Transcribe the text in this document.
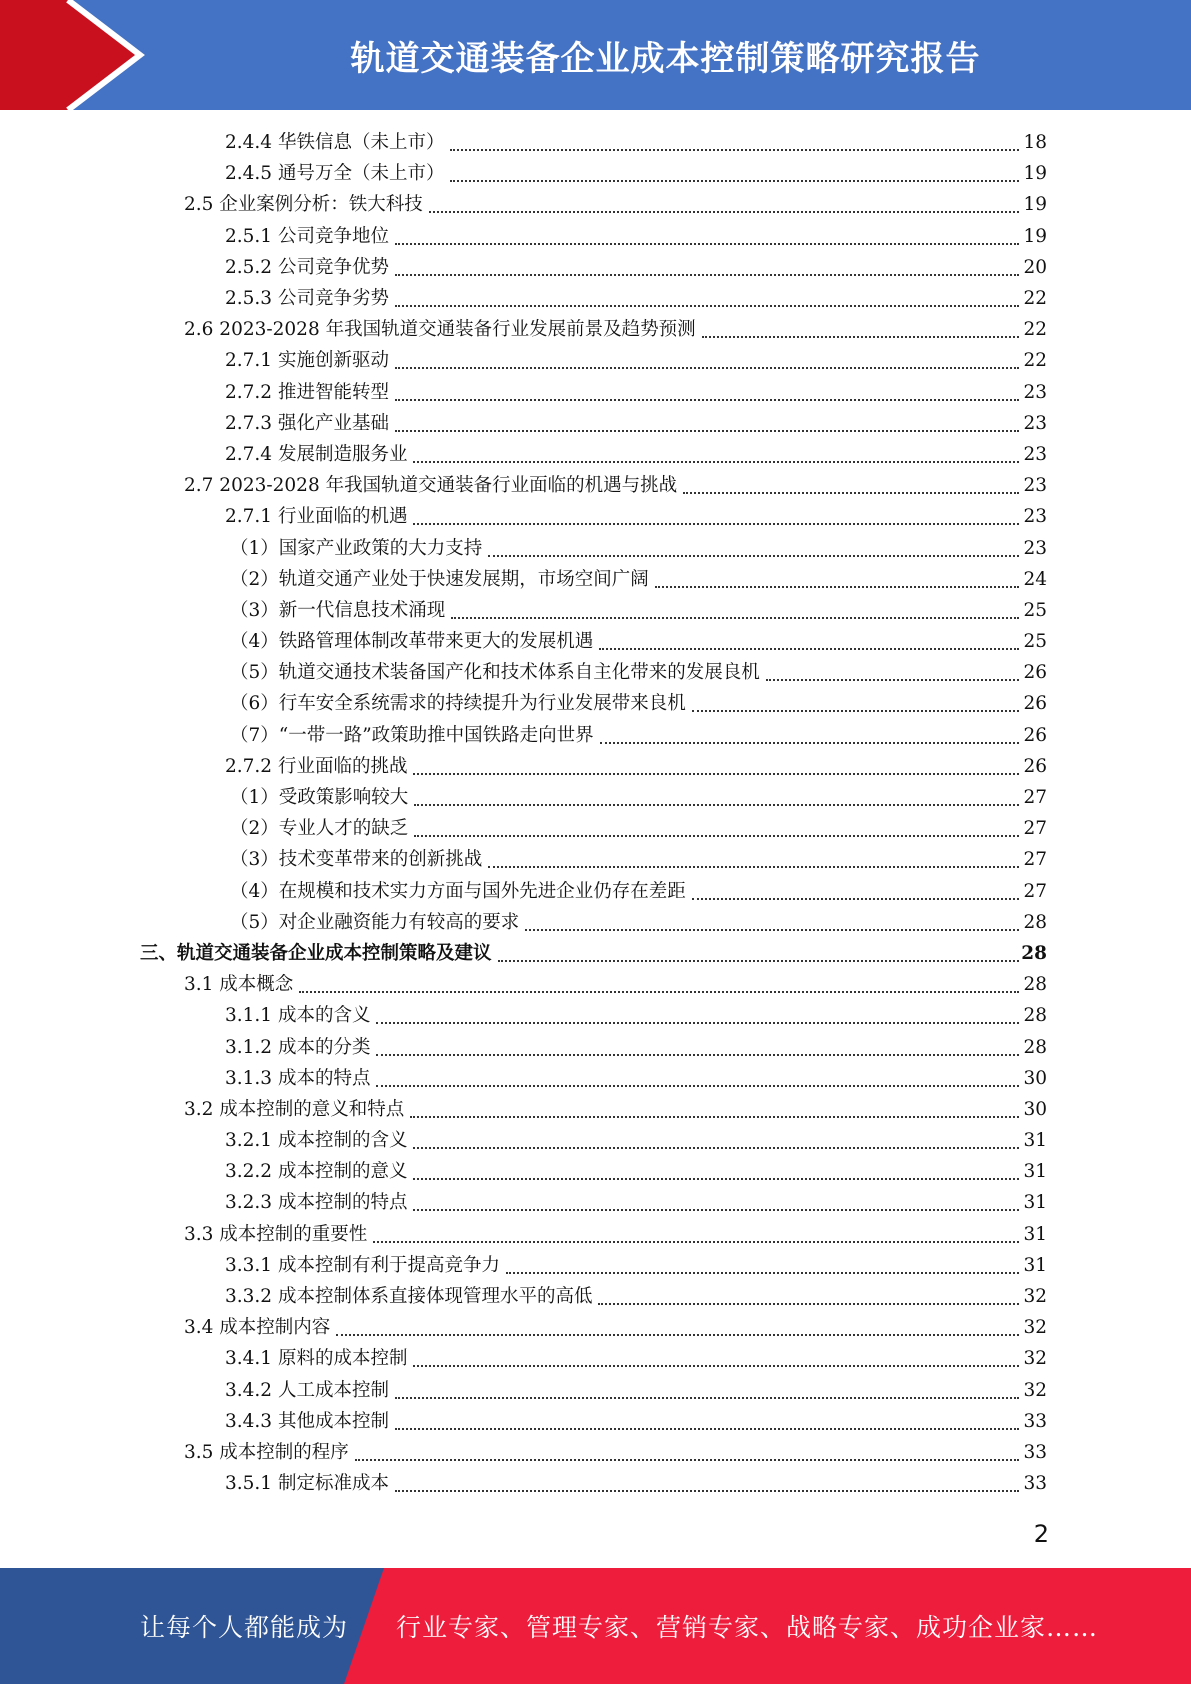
轨道交通装备企业成本控制策略研究报告
2.4.4 华铁信息（未上市）	18
2.4.5 通号万全（未上市）	19
2.5 企业案例分析：铁大科技	19
2.5.1 公司竞争地位	19
2.5.2 公司竞争优势	20
2.5.3 公司竞争劣势	22
2.6 2023-2028 年我国轨道交通装备行业发展前景及趋势预测	22
2.7.1 实施创新驱动	22
2.7.2 推进智能转型	23
2.7.3 强化产业基础	23
2.7.4 发展制造服务业	23
2.7 2023-2028 年我国轨道交通装备行业面临的机遇与挑战	23
2.7.1 行业面临的机遇	23
（1）国家产业政策的大力支持	23
（2）轨道交通产业处于快速发展期，市场空间广阔	24
（3）新一代信息技术涌现	25
（4）铁路管理体制改革带来更大的发展机遇	25
（5）轨道交通技术装备国产化和技术体系自主化带来的发展良机	26
（6）行车安全系统需求的持续提升为行业发展带来良机	26
（7）“一带一路”政策助推中国铁路走向世界	26
2.7.2 行业面临的挑战	26
（1）受政策影响较大	27
（2）专业人才的缺乏	27
（3）技术变革带来的创新挑战	27
（4）在规模和技术实力方面与国外先进企业仍存在差距	27
（5）对企业融资能力有较高的要求	28
三、轨道交通装备企业成本控制策略及建议	28
3.1 成本概念	28
3.1.1 成本的含义	28
3.1.2 成本的分类	28
3.1.3 成本的特点	30
3.2 成本控制的意义和特点	30
3.2.1 成本控制的含义	31
3.2.2 成本控制的意义	31
3.2.3 成本控制的特点	31
3.3 成本控制的重要性	31
3.3.1 成本控制有利于提高竞争力	31
3.3.2 成本控制体系直接体现管理水平的高低	32
3.4 成本控制内容	32
3.4.1 原料的成本控制	32
3.4.2 人工成本控制	32
3.4.3 其他成本控制	33
3.5 成本控制的程序	33
3.5.1 制定标准成本	33
2
让每个人都能成为 行业专家、管理专家、营销专家、战略专家、成功企业家……
